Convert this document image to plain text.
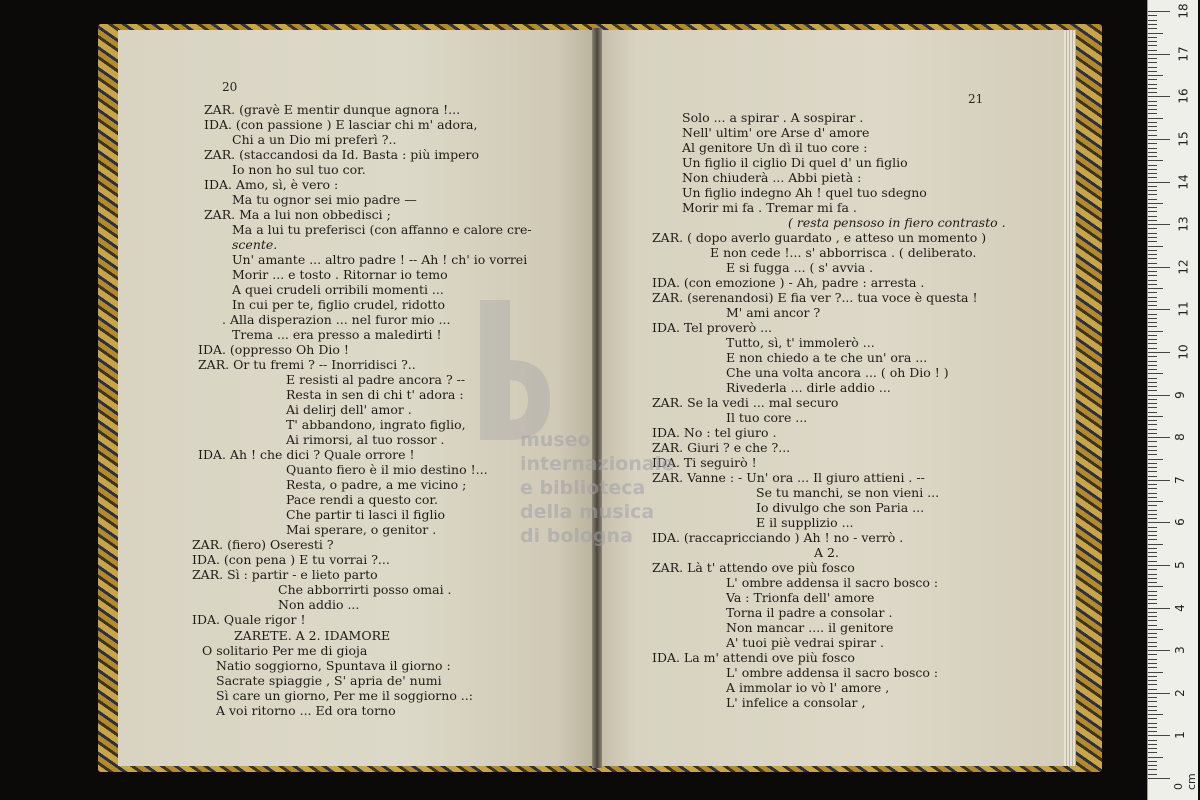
20
ZAR. (gravè E mentir dunque agnora !...
IDA. (con passione ) E lasciar chi m' adora,
Chi a un Dio mi preferì ?..
ZAR. (staccandosi da Id. Basta : più impero
Io non ho sul tuo cor.
IDA. Amo, sì, è vero :
Ma tu ognor sei mio padre —
ZAR. Ma a lui non obbedisci ;
Ma a lui tu preferisci (con affanno e calore cre-
scente.
Un' amante ... altro padre ! -- Ah ! ch' io vorrei
Morir ... e tosto . Ritornar io temo
A quei crudeli orribili momenti ...
In cui per te, figlio crudel, ridotto
. Alla disperazion ... nel furor mio ...
Trema ... era presso a maledirti !
IDA. (oppresso Oh Dio !
ZAR. Or tu fremi ? -- Inorridisci ?..
E resisti al padre ancora ? --
Resta in sen di chi t' adora :
Ai delirj dell' amor .
T' abbandono, ingrato figlio,
Ai rimorsi, al tuo rossor .
IDA. Ah ! che dici ? Quale orrore !
Quanto fiero è il mio destino !...
Resta, o padre, a me vicino ;
Pace rendi a questo cor.
Che partir ti lasci il figlio
Mai sperare, o genitor .
ZAR. (fiero) Oseresti ?
IDA. (con pena ) E tu vorrai ?...
ZAR. Sì : partir - e lieto parto
Che abborrirti posso omai .
Non addio ...
IDA. Quale rigor !
ZARETE. A 2. IDAMORE
O solitario Per me di gioja
Natio soggiorno, Spuntava il giorno :
Sacrate spiaggie , S' apria de' numi
Sì care un giorno, Per me il soggiorno ..:
A voi ritorno ... Ed ora torno
21
Solo ... a spirar . A sospirar .
Nell' ultim' ore Arse d' amore
Al genitore Un dì il tuo core :
Un figlio il ciglio Di quel d' un figlio
Non chiuderà ... Abbi pietà :
Un figlio indegno Ah ! quel tuo sdegno
Morir mi fa . Tremar mi fa .
( resta pensoso in fiero contrasto .
ZAR. ( dopo averlo guardato , e atteso un momento )
E non cede !... s' abborrisca . ( deliberato.
E si fugga ... ( s' avvia .
IDA. (con emozione ) - Ah, padre : arresta .
ZAR. (serenandosi) E fia ver ?... tua voce è questa !
M' ami ancor ?
IDA. Tel proverò ...
Tutto, sì, t' immolerò ...
E non chiedo a te che un' ora ...
Che una volta ancora ... ( oh Dio ! )
Rivederla ... dirle addio ...
ZAR. Se la vedi ... mal securo
Il tuo core ...
IDA. No : tel giuro .
ZAR. Giuri ? e che ?...
IDA. Ti seguirò !
ZAR. Vanne : - Un' ora ... Il giuro attieni . --
Se tu manchi, se non vieni ...
Io divulgo che son Paria ...
E il supplizio ...
IDA. (raccapricciando ) Ah ! no - verrò .
A 2.
ZAR. Là t' attendo ove più fosco
L' ombre addensa il sacro bosco :
Va : Trionfa dell' amore
Torna il padre a consolar .
Non mancar .... il genitore
A' tuoi piè vedrai spirar .
IDA. La m' attendi ove più fosco
L' ombre addensa il sacro bosco :
A immolar io vò l' amore ,
L' infelice a consolar ,
museo internazionale
e biblioteca della musica
di bologna
0 cm
1
2
3
4
5
6
7
8
9
10
11
12
13
14
15
16
17
18
